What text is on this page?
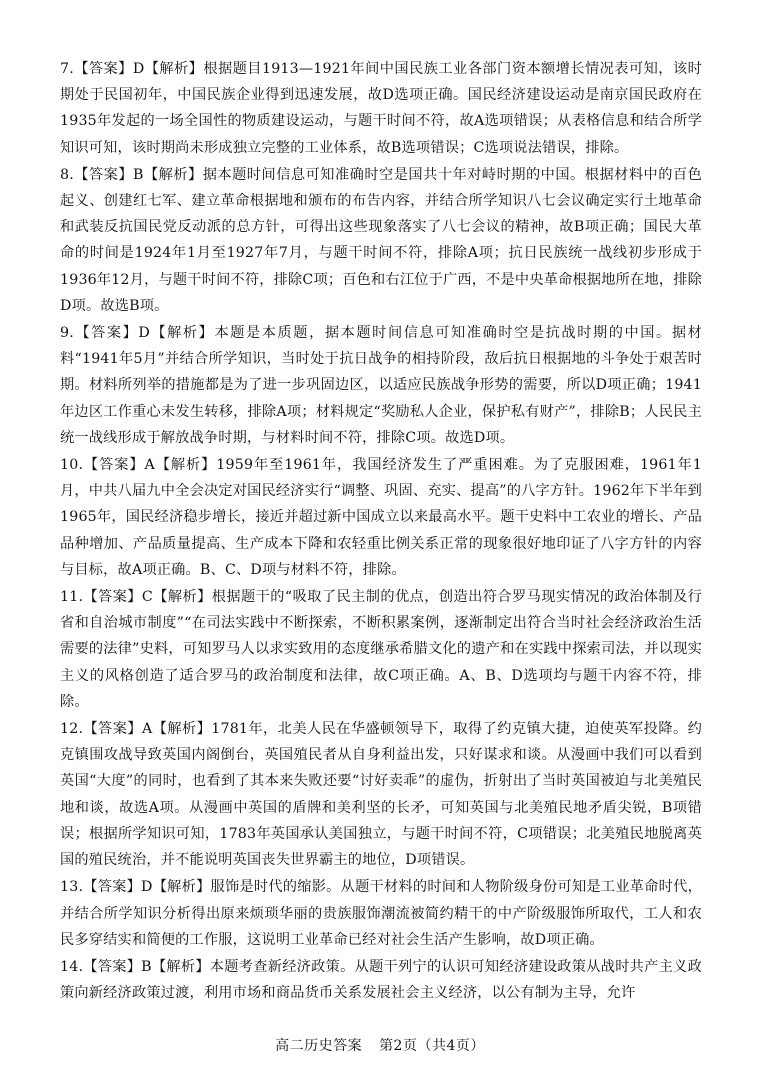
7.【答案】D【解析】根据题目1913—1921年间中国民族工业各部门资本额增长情况表可知，该时期处于民国初年，中国民族企业得到迅速发展，故D选项正确。国民经济建设运动是南京国民政府在1935年发起的一场全国性的物质建设运动，与题干时间不符，故A选项错误；从表格信息和结合所学知识可知，该时期尚未形成独立完整的工业体系，故B选项错误；C选项说法错误，排除。

8.【答案】B【解析】据本题时间信息可知准确时空是国共十年对峙时期的中国。根据材料中的百色起义、创建红七军、建立革命根据地和颁布的布告内容，并结合所学知识八七会议确定实行土地革命和武装反抗国民党反动派的总方针，可得出这些现象落实了八七会议的精神，故B项正确；国民大革命的时间是1924年1月至1927年7月，与题干时间不符，排除A项；抗日民族统一战线初步形成于1936年12月，与题干时间不符，排除C项；百色和右江位于广西，不是中央革命根据地所在地，排除D项。故选B项。

9.【答案】D【解析】本题是本质题，据本题时间信息可知准确时空是抗战时期的中国。据材料“1941年5月”并结合所学知识，当时处于抗日战争的相持阶段，敌后抗日根据地的斗争处于艰苦时期。材料所列举的措施都是为了进一步巩固边区，以适应民族战争形势的需要，所以D项正确；1941年边区工作重心未发生转移，排除A项；材料规定“奖励私人企业，保护私有财产”，排除B；人民民主统一战线形成于解放战争时期，与材料时间不符，排除C项。故选D项。

10.【答案】A【解析】1959年至1961年，我国经济发生了严重困难。为了克服困难，1961年1月，中共八届九中全会决定对国民经济实行“调整、巩固、充实、提高”的八字方针。1962年下半年到1965年，国民经济稳步增长，接近并超过新中国成立以来最高水平。题干史料中工农业的增长、产品品种增加、产品质量提高、生产成本下降和农轻重比例关系正常的现象很好地印证了八字方针的内容与目标，故A项正确。B、C、D项与材料不符，排除。

11.【答案】C【解析】根据题干的“吸取了民主制的优点，创造出符合罗马现实情况的政治体制及行省和自治城市制度”“在司法实践中不断探索，不断积累案例，逐渐制定出符合当时社会经济政治生活需要的法律”史料，可知罗马人以求实致用的态度继承希腊文化的遗产和在实践中探索司法，并以现实主义的风格创造了适合罗马的政治制度和法律，故C项正确。A、B、D选项均与题干内容不符，排除。

12.【答案】A【解析】1781年，北美人民在华盛顿领导下，取得了约克镇大捷，迫使英军投降。约克镇围攻战导致英国内阁倒台，英国殖民者从自身利益出发，只好谋求和谈。从漫画中我们可以看到英国“大度”的同时，也看到了其本来失败还要“讨好卖乖”的虚伪，折射出了当时英国被迫与北美殖民地和谈，故选A项。从漫画中英国的盾牌和美利坚的长矛，可知英国与北美殖民地矛盾尖锐，B项错误；根据所学知识可知，1783年英国承认美国独立，与题干时间不符，C项错误；北美殖民地脱离英国的殖民统治，并不能说明英国丧失世界霸主的地位，D项错误。

13.【答案】D【解析】服饰是时代的缩影。从题干材料的时间和人物阶级身份可知是工业革命时代，并结合所学知识分析得出原来烦琐华丽的贵族服饰潮流被简约精干的中产阶级服饰所取代，工人和农民多穿结实和简便的工作服，这说明工业革命已经对社会生活产生影响，故D项正确。

14.【答案】B【解析】本题考查新经济政策。从题干列宁的认识可知经济建设政策从战时共产主义政策向新经济政策过渡，利用市场和商品货币关系发展社会主义经济，以公有制为主导，允许

高二历史答案 第2页（共4页）
